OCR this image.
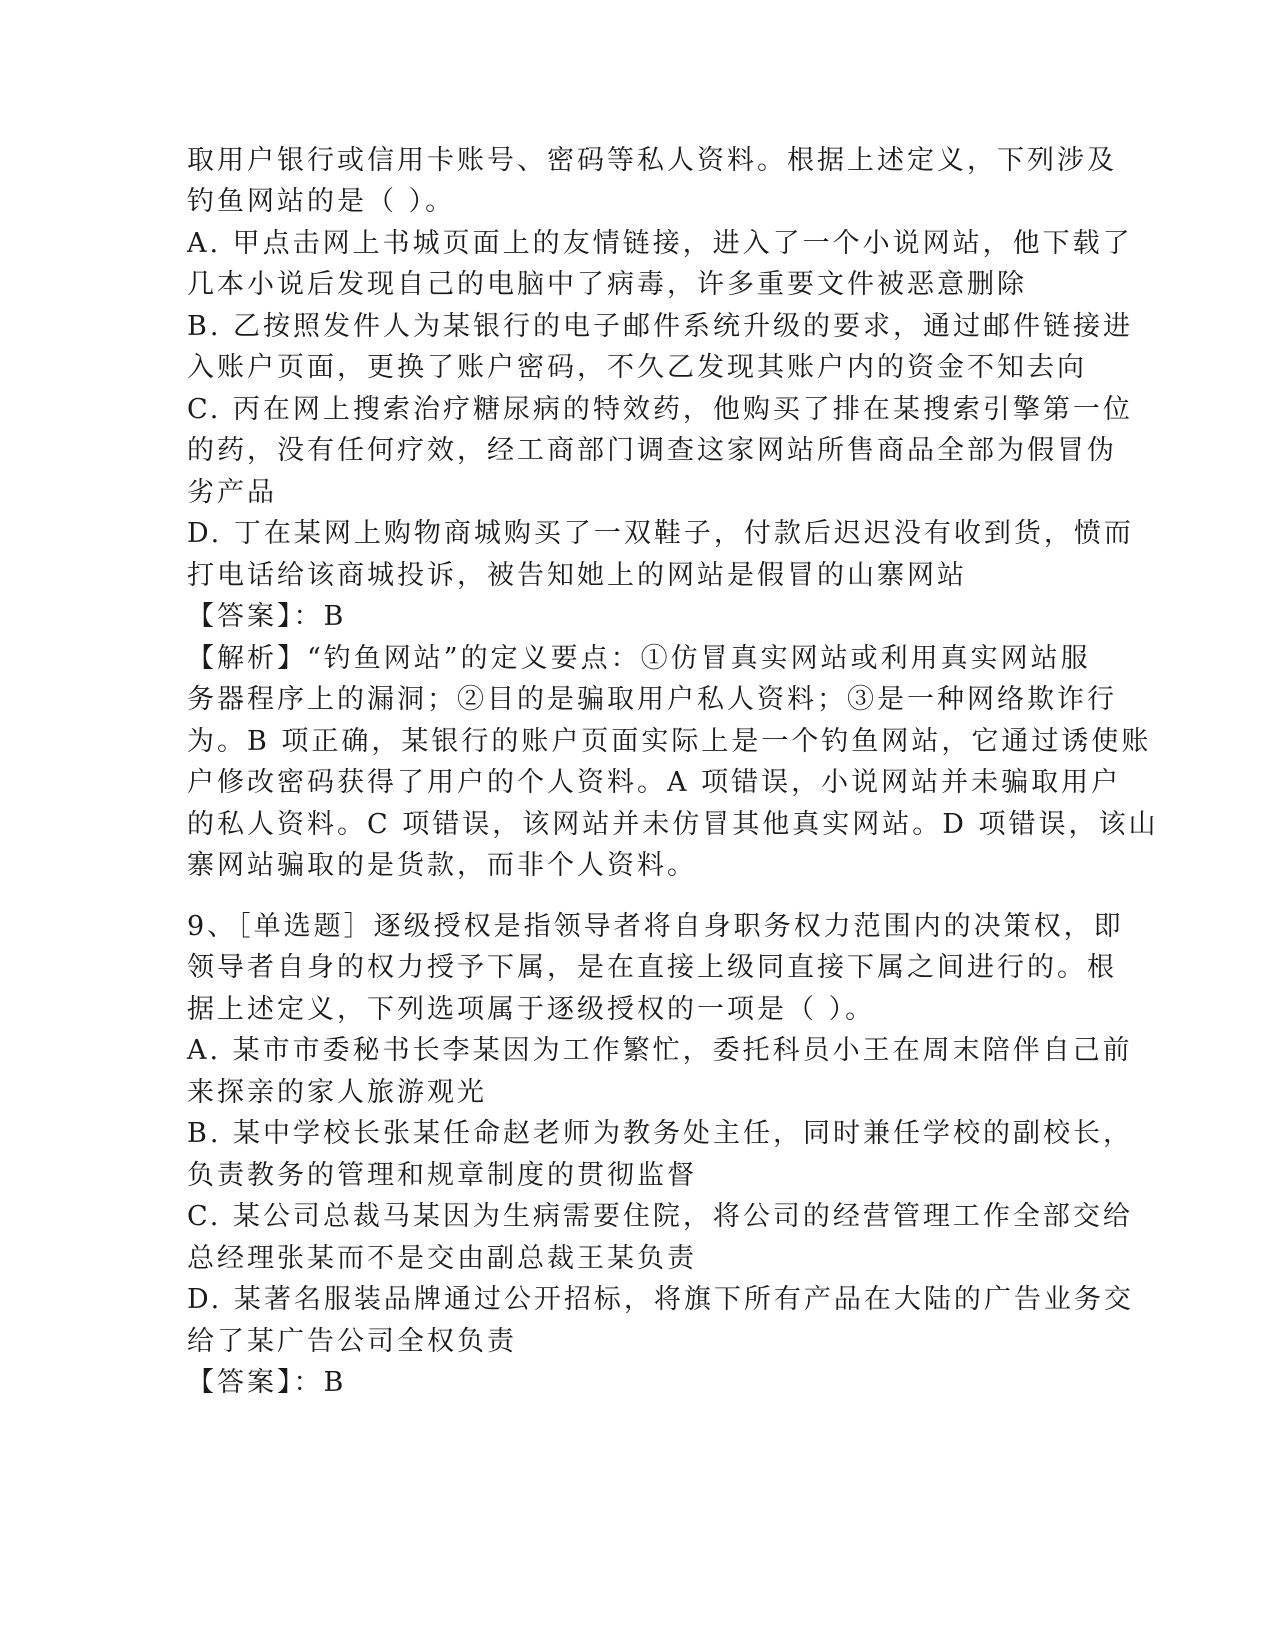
取用户银行或信用卡账号、密码等私人资料。根据上述定义，下列涉及
钓鱼网站的是（ ）。
A. 甲点击网上书城页面上的友情链接，进入了一个小说网站，他下载了
几本小说后发现自己的电脑中了病毒，许多重要文件被恶意删除
B. 乙按照发件人为某银行的电子邮件系统升级的要求，通过邮件链接进
入账户页面，更换了账户密码，不久乙发现其账户内的资金不知去向
C. 丙在网上搜索治疗糖尿病的特效药，他购买了排在某搜索引擎第一位
的药，没有任何疗效，经工商部门调查这家网站所售商品全部为假冒伪
劣产品
D. 丁在某网上购物商城购买了一双鞋子，付款后迟迟没有收到货，愤而
打电话给该商城投诉，被告知她上的网站是假冒的山寨网站
【答案】：B
【解析】“钓鱼网站”的定义要点：①仿冒真实网站或利用真实网站服
务器程序上的漏洞；②目的是骗取用户私人资料；③是一种网络欺诈行
为。B 项正确，某银行的账户页面实际上是一个钓鱼网站，它通过诱使账
户修改密码获得了用户的个人资料。A 项错误，小说网站并未骗取用户
的私人资料。C 项错误，该网站并未仿冒其他真实网站。D 项错误，该山
寨网站骗取的是货款，而非个人资料。
9、［单选题］逐级授权是指领导者将自身职务权力范围内的决策权，即
领导者自身的权力授予下属，是在直接上级同直接下属之间进行的。根
据上述定义，下列选项属于逐级授权的一项是（ ）。
A. 某市市委秘书长李某因为工作繁忙，委托科员小王在周末陪伴自己前
来探亲的家人旅游观光
B. 某中学校长张某任命赵老师为教务处主任，同时兼任学校的副校长，
负责教务的管理和规章制度的贯彻监督
C. 某公司总裁马某因为生病需要住院，将公司的经营管理工作全部交给
总经理张某而不是交由副总裁王某负责
D. 某著名服装品牌通过公开招标，将旗下所有产品在大陆的广告业务交
给了某广告公司全权负责
【答案】：B
